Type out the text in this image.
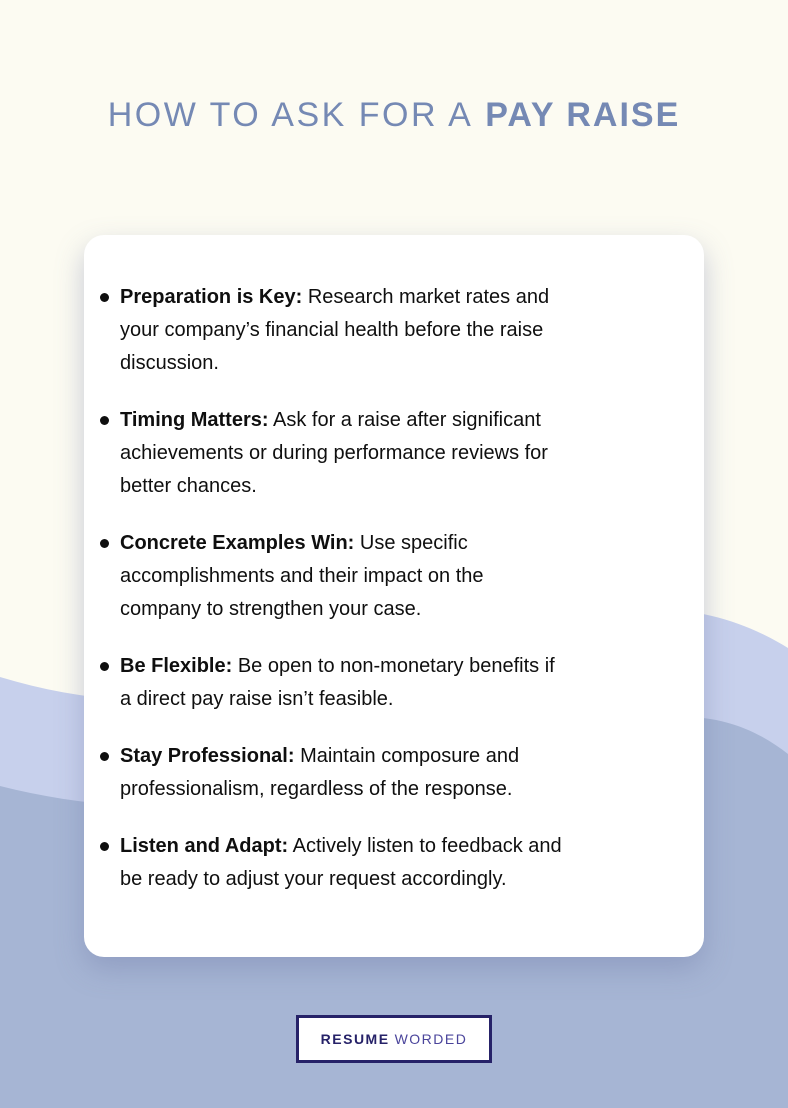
HOW TO ASK FOR A PAY RAISE
Preparation is Key: Research market rates and
your company’s financial health before the raise
discussion.
Timing Matters: Ask for a raise after significant
achievements or during performance reviews for
better chances.
Concrete Examples Win: Use specific
accomplishments and their impact on the
company to strengthen your case.
Be Flexible: Be open to non-monetary benefits if
a direct pay raise isn’t feasible.
Stay Professional: Maintain composure and
professionalism, regardless of the response.
Listen and Adapt: Actively listen to feedback and
be ready to adjust your request accordingly.
RESUME WORDED
